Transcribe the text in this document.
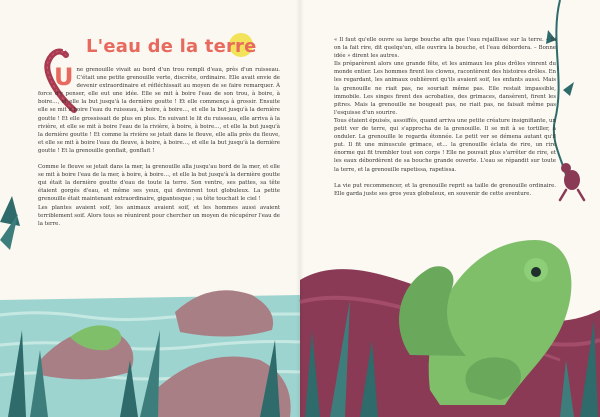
L'eau de la terre

U ne grenouille vivait au bord d'un trou rempli d'eau, près d'un ruisseau. C'était une petite grenouille verte, discrète, ordinaire. Elle avait envie de devenir extraordinaire et réfléchissait au moyen de se faire remarquer. À force d'y penser, elle eut une idée. Elle se mit à boire l'eau de son trou, à boire, à boire…, et elle la but jusqu'à la dernière goutte ! Et elle commença à grossir. Ensuite elle se mit à boire l'eau du ruisseau, à boire, à boire…, et elle la but jusqu'à la dernière goutte ! Et elle grossissait de plus en plus. En suivant le lit du ruisseau, elle arriva à la rivière, et elle se mit à boire l'eau de la rivière, à boire, à boire…, et elle la but jusqu'à la dernière goutte ! Et comme la rivière se jetait dans le fleuve, elle alla près du fleuve, et elle se mit à boire l'eau du fleuve, à boire, à boire…, et elle la but jusqu'à la dernière goutte ! Et la grenouille gonflait, gonflait !

Comme le fleuve se jetait dans la mer, la grenouille alla jusqu'au bord de la mer, et elle se mit à boire l'eau de la mer, à boire, à boire…, et elle la but jusqu'à la dernière goutte qui était la dernière goutte d'eau de toute la terre. Son ventre, ses pattes, sa tête étaient gorgés d'eau, et même ses yeux, qui devinrent tout globuleux. La petite grenouille était maintenant extraordinaire, gigantesque ; sa tête touchait le ciel !

Les plantes avaient soif, les animaux avaient soif, et les hommes aussi avaient terriblement soif. Alors tous se réunirent pour chercher un moyen de récupérer l'eau de la terre.

« Il faut qu'elle ouvre sa large bouche afin que l'eau rejaillisse sur la terre. – Si on la fait rire, dit quelqu'un, elle ouvrira la bouche, et l'eau débordera. – Bonne idée » dirent les autres.

Ils préparèrent alors une grande fête, et les animaux les plus drôles vinrent du monde entier. Les hommes firent les clowns, racontèrent des histoires drôles. En les regardant, les animaux oublièrent qu'ils avaient soif, les enfants aussi. Mais la grenouille ne riait pas, ne souriait même pas. Elle restait impassible, immobile. Les singes firent des acrobaties, des grimaces, dansèrent, firent les pitres. Mais la grenouille ne bougeait pas, ne riait pas, ne faisait même pas l'esquisse d'un sourire.

Tous étaient épuisés, assoiffés, quand arriva une petite créature insignifiante, un petit ver de terre, qui s'approcha de la grenouille. Il se mit à se tortiller, à onduler. La grenouille le regarda étonnée. Le petit ver se démena autant qu'il put. Il fit une minuscule grimace, et… la grenouille éclata de rire, un rire énorme qui fit trembler tout son corps ! Elle ne pouvait plus s'arrêter de rire, et les eaux débordèrent de sa bouche grande ouverte. L'eau se répandit sur toute la terre, et la grenouille rapetissa, rapetissa.

La vie put recommencer, et la grenouille reprit sa taille de grenouille ordinaire. Elle garda juste ses gros yeux globuleux, en souvenir de cette aventure.
